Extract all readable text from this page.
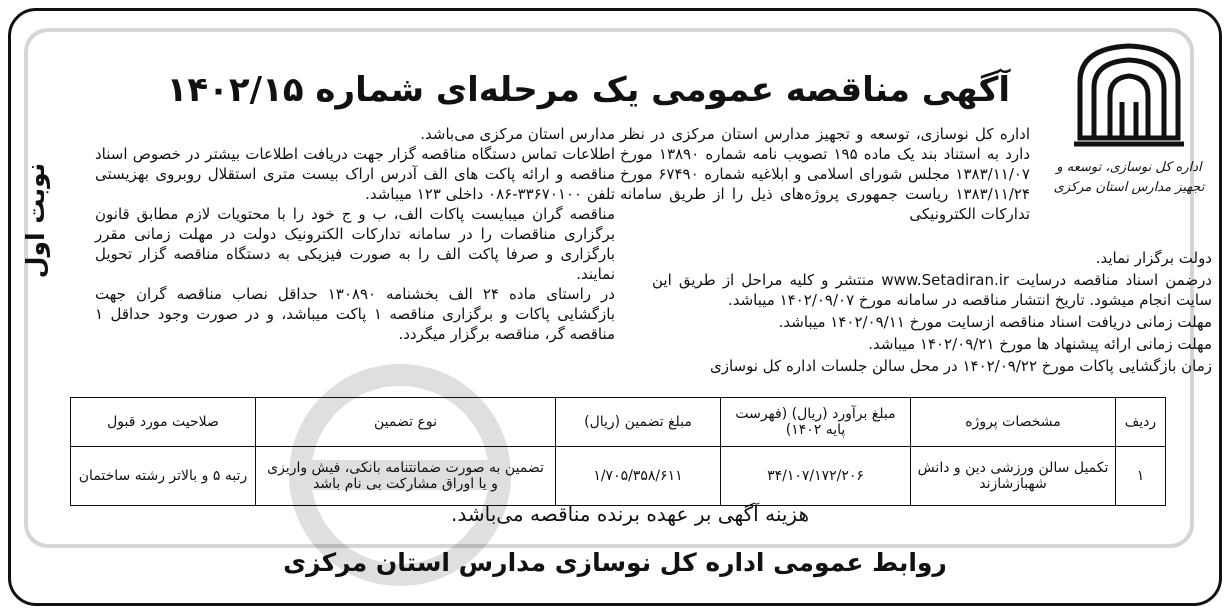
نوبت اول	اداره کل نوسازی، توسعه و تجهیز مدارس استان مرکزی
آگهی مناقصه عمومی یک مرحله‌ای شماره ۱۴۰۲/۱۵

اداره کل نوسازی، توسعه و تجهیز مدارس استان مرکزی در نظر دارد به استناد بند یک ماده ۱۹۵ تصویب نامه شماره ۱۳۸۹۰ مورخ ۱۳۸۳/۱۱/۰۷ مجلس شورای اسلامی و ابلاغیه شماره ۶۷۴۹۰ مورخ ۱۳۸۳/۱۱/۲۴ ریاست جمهوری پروژه‌های ذیل را از طریق سامانه تدارکات الکترونیکی

مدارس استان مرکزی می‌باشد.

اطلاعات تماس دستگاه مناقصه گزار جهت دریافت اطلاعات بیشتر در خصوص اسناد مناقصه و ارائه پاکت های الف آدرس اراک بیست متری استقلال روبروی بهزیستی تلفن ۳۳۶۷۰۱۰۰-۰۸۶ داخلی ۱۲۳ میباشد.

مناقصه گران میبایست پاکات الف، ب و ج خود را با محتویات لازم مطابق قانون برگزاری مناقصات را در سامانه تدارکات الکترونیک دولت در مهلت زمانی مقرر بارگزاری و صرفا پاکت الف را به صورت فیزیکی به دستگاه مناقصه گزار تحویل نمایند.

در راستای ماده ۲۴ الف بخشنامه ۱۳۰۸۹۰ حداقل نصاب مناقصه گران جهت بازگشایی پاکات و برگزاری مناقصه ۱ پاکت میباشد، و در صورت وجود حداقل ۱ مناقصه گر، مناقصه برگزار میگردد.

دولت برگزار نماید.
درضمن اسناد مناقصه درسایت www.Setadiran.ir منتشر و کلیه مراحل از طریق این سایت انجام میشود. تاریخ انتشار مناقصه در سامانه مورخ ۱۴۰۲/۰۹/۰۷ میباشد.
مهلت زمانی دریافت اسناد مناقصه ازسایت مورخ ۱۴۰۲/۰۹/۱۱ میباشد.
مهلت زمانی ارائه پیشنهاد ها مورخ ۱۴۰۲/۰۹/۲۱ میباشد.
زمان بازگشایی پاکات مورخ ۱۴۰۲/۰۹/۲۲ در محل سالن جلسات اداره کل نوسازی
ردیف	مشخصات پروژه	مبلغ برآورد (ریال) (فهرست پایه ۱۴۰۲)	مبلغ تضمین (ریال)	نوع تضمین	صلاحیت مورد قبول
۱	تکمیل سالن ورزشی دین و دانش شهبازشازند	۳۴/۱۰۷/۱۷۲/۲۰۶	۱/۷۰۵/۳۵۸/۶۱۱	تضمین به صورت ضمانتنامه بانکی، فیش واریزی و یا اوراق مشارکت بی نام باشد	رتبه ۵ و بالاتر رشته ساختمان
هزینه آگهی بر عهده برنده مناقصه می‌باشد.
روابط عمومی اداره کل نوسازی مدارس استان مرکزی
